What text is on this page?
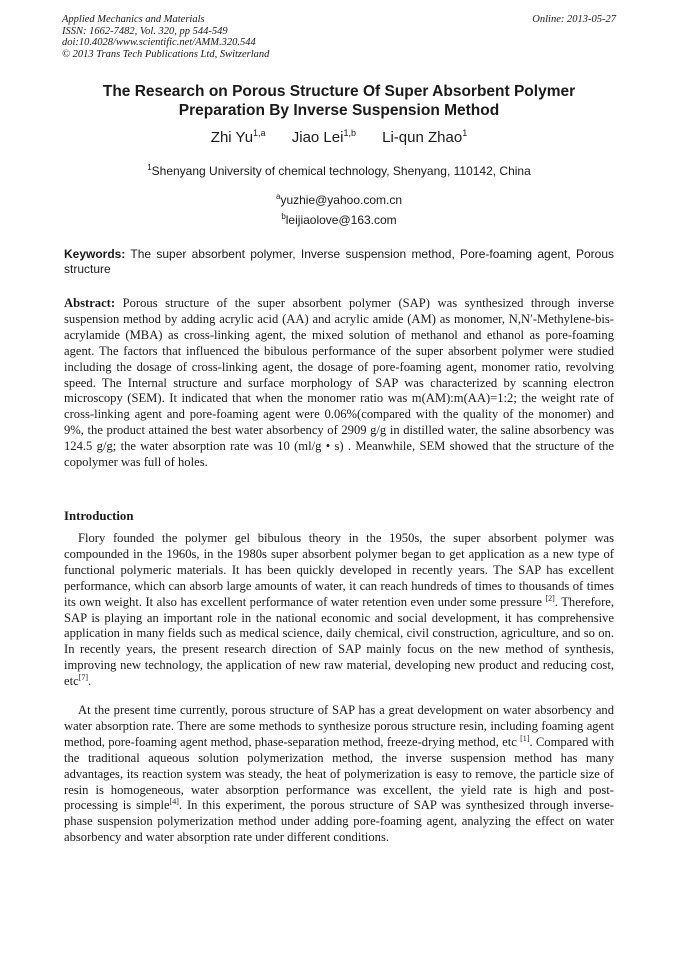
Applied Mechanics and Materials
ISSN: 1662-7482, Vol. 320, pp 544-549
doi:10.4028/www.scientific.net/AMM.320.544
© 2013 Trans Tech Publications Ltd, Switzerland
Online: 2013-05-27
The Research on Porous Structure Of Super Absorbent Polymer
Preparation By Inverse Suspension Method
Zhi Yu$^{1,a}$ Jiao Lei$^{1,b}$ Li-qun Zhao$^1$
$^1$Shenyang University of chemical technology, Shenyang, 110142, China
$^a$yuzhie@yahoo.com.cn
$^b$leijiaolove@163.com
Keywords: The super absorbent polymer, Inverse suspension method, Pore-foaming agent, Porous structure
Abstract: Porous structure of the super absorbent polymer (SAP) was synthesized through inverse suspension method by adding acrylic acid (AA) and acrylic amide (AM) as monomer, N,N′-Methylene-bis-acrylamide (MBA) as cross-linking agent, the mixed solution of methanol and ethanol as pore-foaming agent. The factors that influenced the bibulous performance of the super absorbent polymer were studied including the dosage of cross-linking agent, the dosage of pore-foaming agent, monomer ratio, revolving speed. The Internal structure and surface morphology of SAP was characterized by scanning electron microscopy (SEM). It indicated that when the monomer ratio was m(AM):m(AA)=1:2; the weight rate of cross-linking agent and pore-foaming agent were 0.06%(compared with the quality of the monomer) and 9%, the product attained the best water absorbency of 2909 g/g in distilled water, the saline absorbency was 124.5 g/g; the water absorption rate was 10 (ml/g • s) . Meanwhile, SEM showed that the structure of the copolymer was full of holes.
Introduction
Flory founded the polymer gel bibulous theory in the 1950s, the super absorbent polymer was compounded in the 1960s, in the 1980s super absorbent polymer began to get application as a new type of functional polymeric materials. It has been quickly developed in recently years. The SAP has excellent performance, which can absorb large amounts of water, it can reach hundreds of times to thousands of times its own weight. It also has excellent performance of water retention even under some pressure [2]. Therefore, SAP is playing an important role in the national economic and social development, it has comprehensive application in many fields such as medical science, daily chemical, civil construction, agriculture, and so on. In recently years, the present research direction of SAP mainly focus on the new method of synthesis, improving new technology, the application of new raw material, developing new product and reducing cost, etc[7].
At the present time currently, porous structure of SAP has a great development on water absorbency and water absorption rate. There are some methods to synthesize porous structure resin, including foaming agent method, pore-foaming agent method, phase-separation method, freeze-drying method, etc [1]. Compared with the traditional aqueous solution polymerization method, the inverse suspension method has many advantages, its reaction system was steady, the heat of polymerization is easy to remove, the particle size of resin is homogeneous, water absorption performance was excellent, the yield rate is high and post-processing is simple[4]. In this experiment, the porous structure of SAP was synthesized through inverse-phase suspension polymerization method under adding pore-foaming agent, analyzing the effect on water absorbency and water absorption rate under different conditions.
